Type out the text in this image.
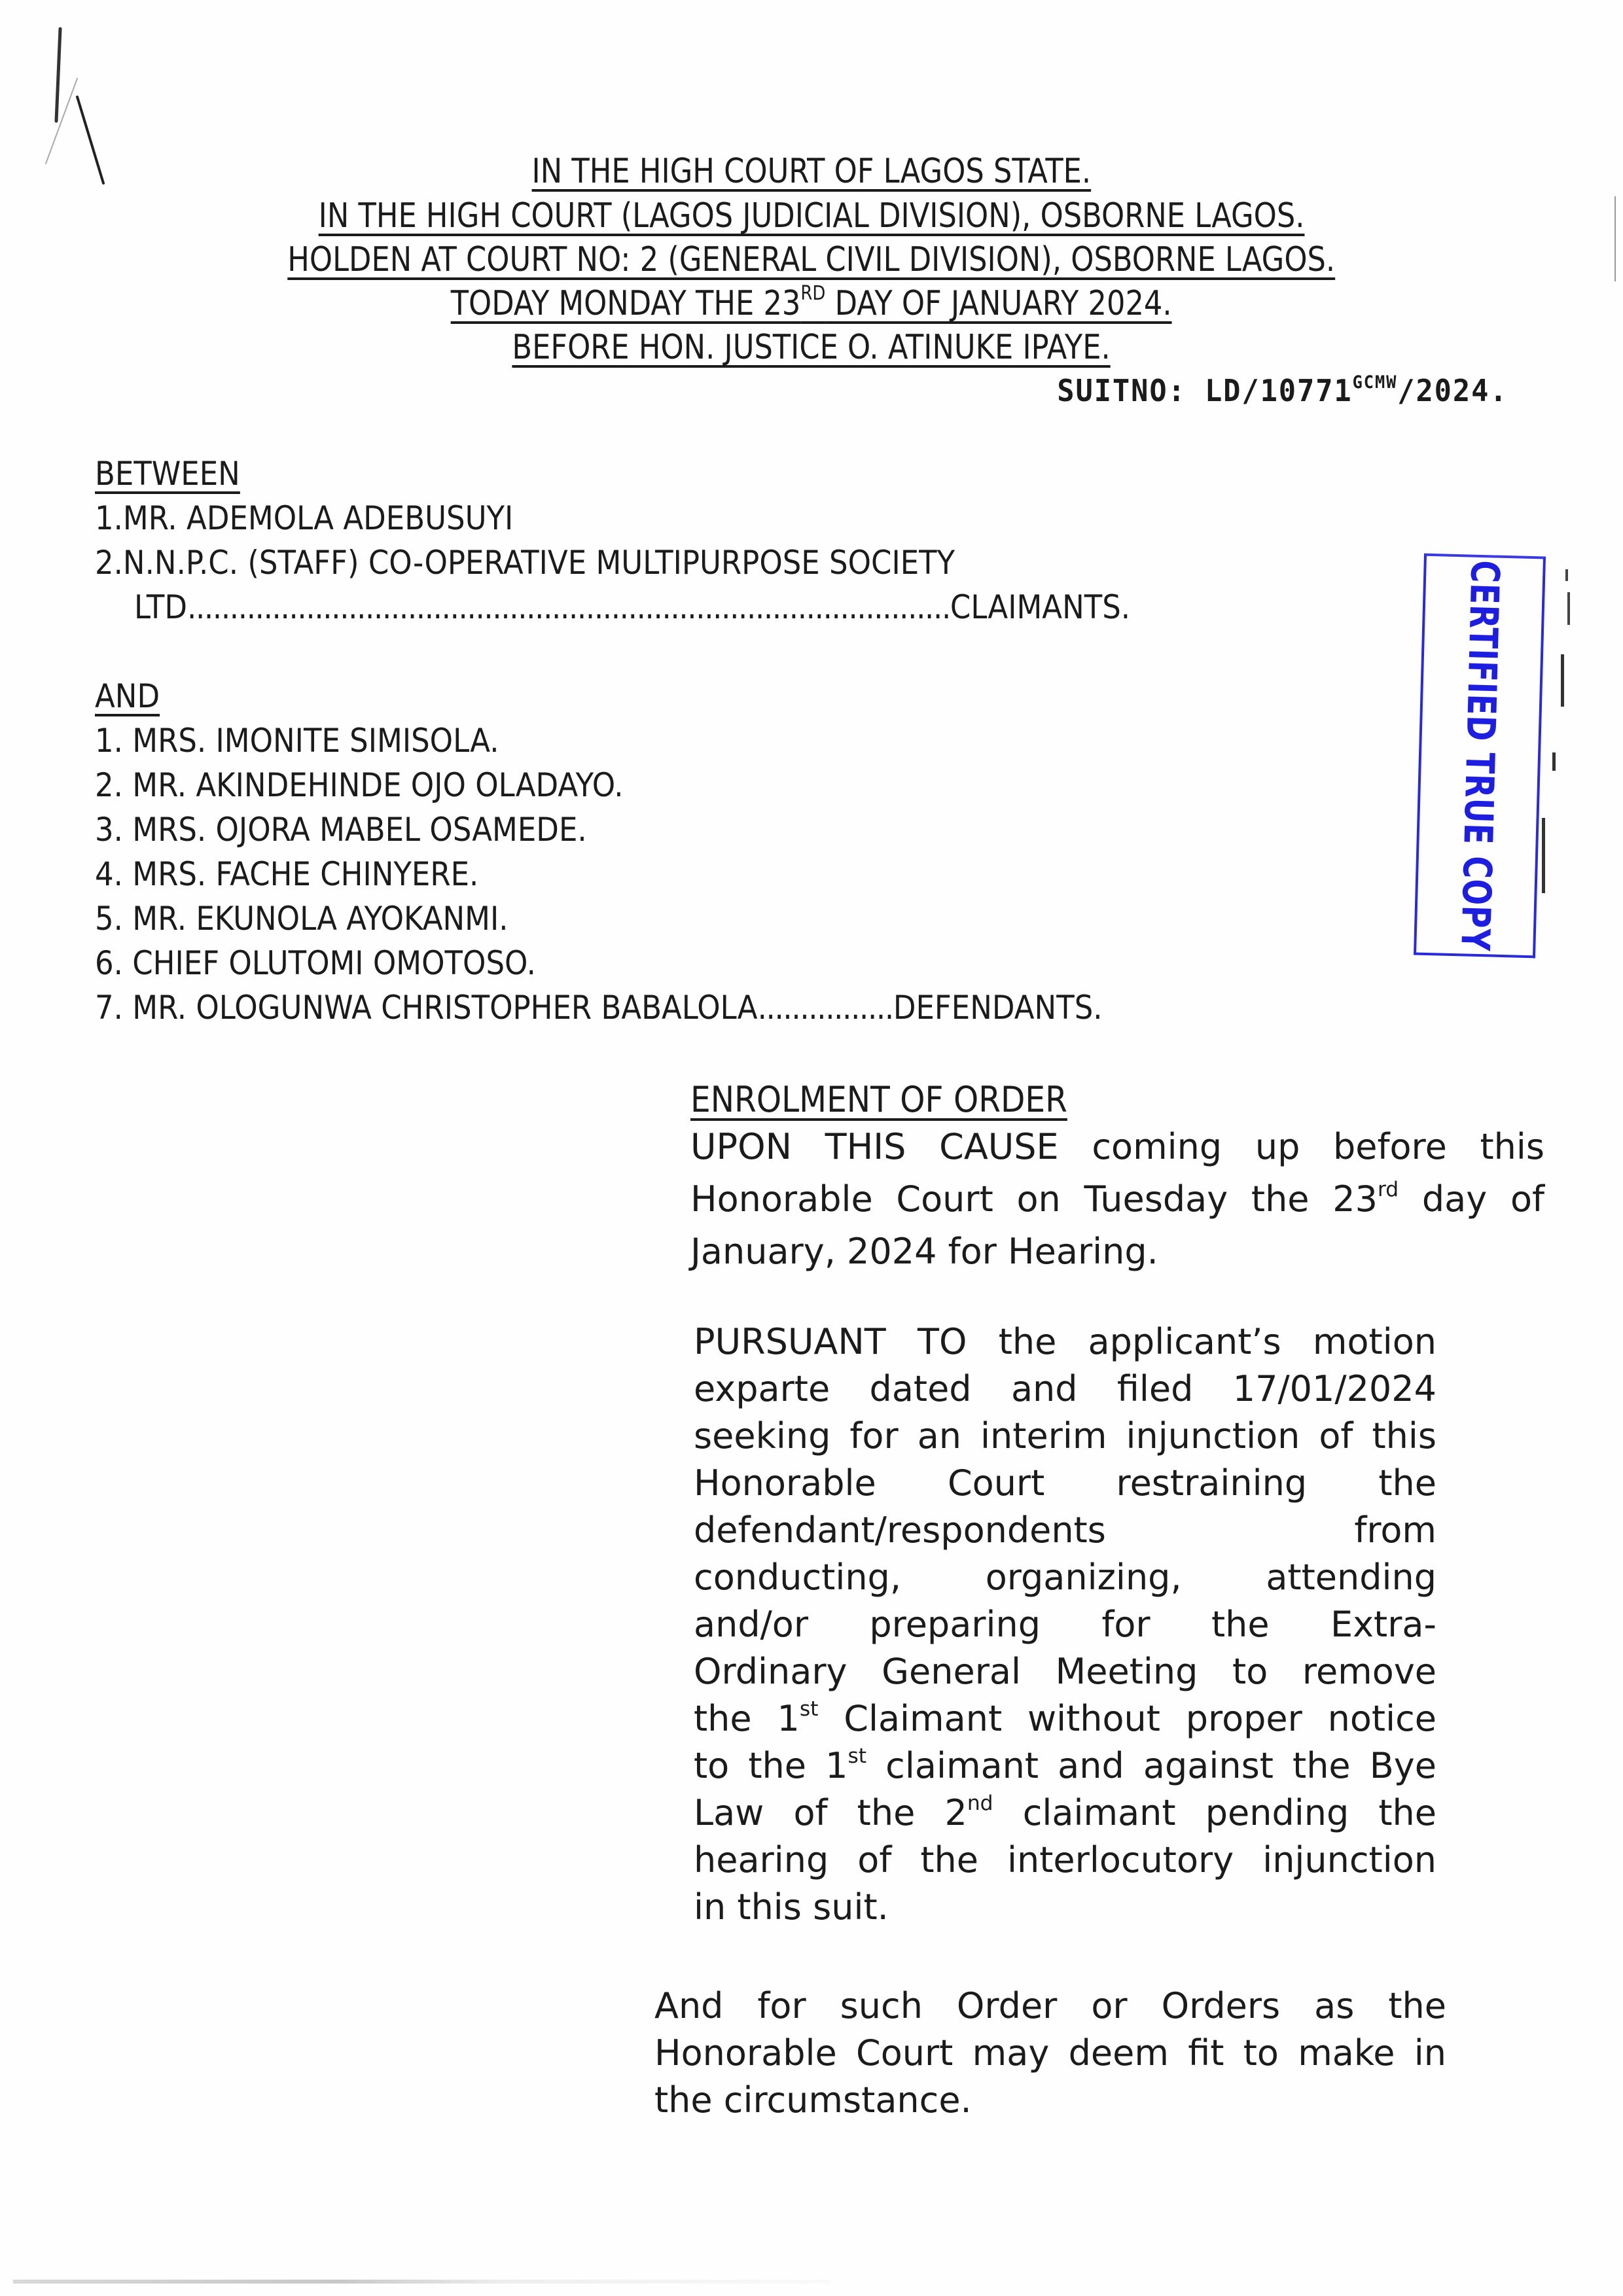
IN THE HIGH COURT OF LAGOS STATE.
IN THE HIGH COURT (LAGOS JUDICIAL DIVISION), OSBORNE LAGOS.
HOLDEN AT COURT NO: 2 (GENERAL CIVIL DIVISION), OSBORNE LAGOS.
TODAY MONDAY THE 23RD DAY OF JANUARY 2024.
BEFORE HON. JUSTICE O. ATINUKE IPAYE.
SUITNO: $LD/10771^{GCMW}/2024$.
BETWEEN
1.MR. ADEMOLA ADEBUSUYI
2.N.N.P.C. (STAFF) CO-OPERATIVE MULTIPURPOSE SOCIETY
LTD..........................................................................................CLAIMANTS.
AND
1. MRS. IMONITE SIMISOLA.
2. MR. AKINDEHINDE OJO OLADAYO.
3. MRS. OJORA MABEL OSAMEDE.
4. MRS. FACHE CHINYERE.
5. MR. EKUNOLA AYOKANMI.
6. CHIEF OLUTOMI OMOTOSO.
7. MR. OLOGUNWA CHRISTOPHER BABALOLA................DEFENDANTS.
CERTIFIED TRUE COPY
ENROLMENT OF ORDER
UPON THIS CAUSE coming up before this
Honorable Court on Tuesday the 23rd day of
January, 2024 for Hearing.
PURSUANT TO the applicant’s motion
exparte dated and filed 17/01/2024
seeking for an interim injunction of this
Honorable Court restraining the
defendant/respondents from
conducting, organizing, attending
and/or preparing for the Extra-
Ordinary General Meeting to remove
the 1st Claimant without proper notice
to the 1st claimant and against the Bye
Law of the 2nd claimant pending the
hearing of the interlocutory injunction
in this suit.
And for such Order or Orders as the
Honorable Court may deem fit to make in
the circumstance.
